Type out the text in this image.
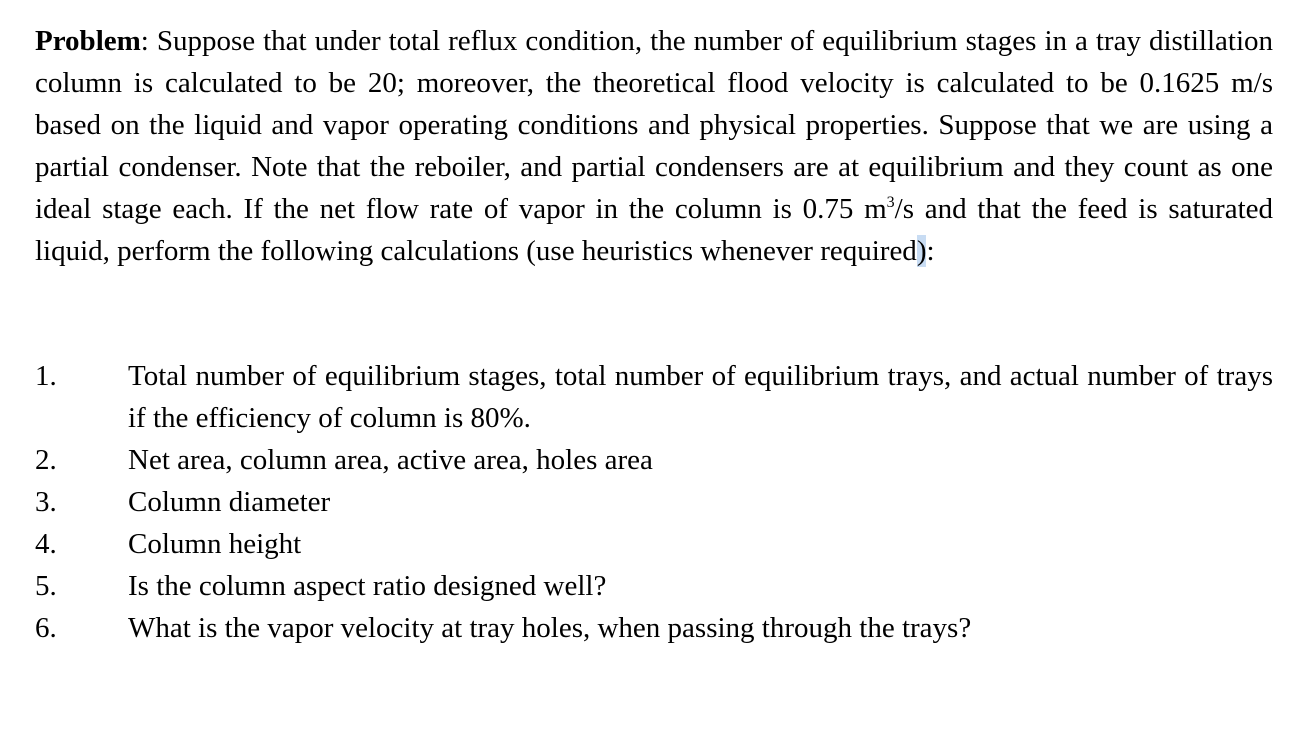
Problem: Suppose that under total reflux condition, the number of equilibrium stages in a tray distillation column is calculated to be 20; moreover, the theoretical flood velocity is calculated to be 0.1625 m/s based on the liquid and vapor operating conditions and physical properties. Suppose that we are using a partial condenser. Note that the reboiler, and partial condensers are at equilibrium and they count as one ideal stage each. If the net flow rate of vapor in the column is 0.75 $m^3/s$ and that the feed is saturated liquid, perform the following calculations (use heuristics whenever required):

1.	Total number of equilibrium stages, total number of equilibrium trays, and actual number of trays if the efficiency of column is 80%.
2.	Net area, column area, active area, holes area
3.	Column diameter
4.	Column height
5.	Is the column aspect ratio designed well?
6.	What is the vapor velocity at tray holes, when passing through the trays?
